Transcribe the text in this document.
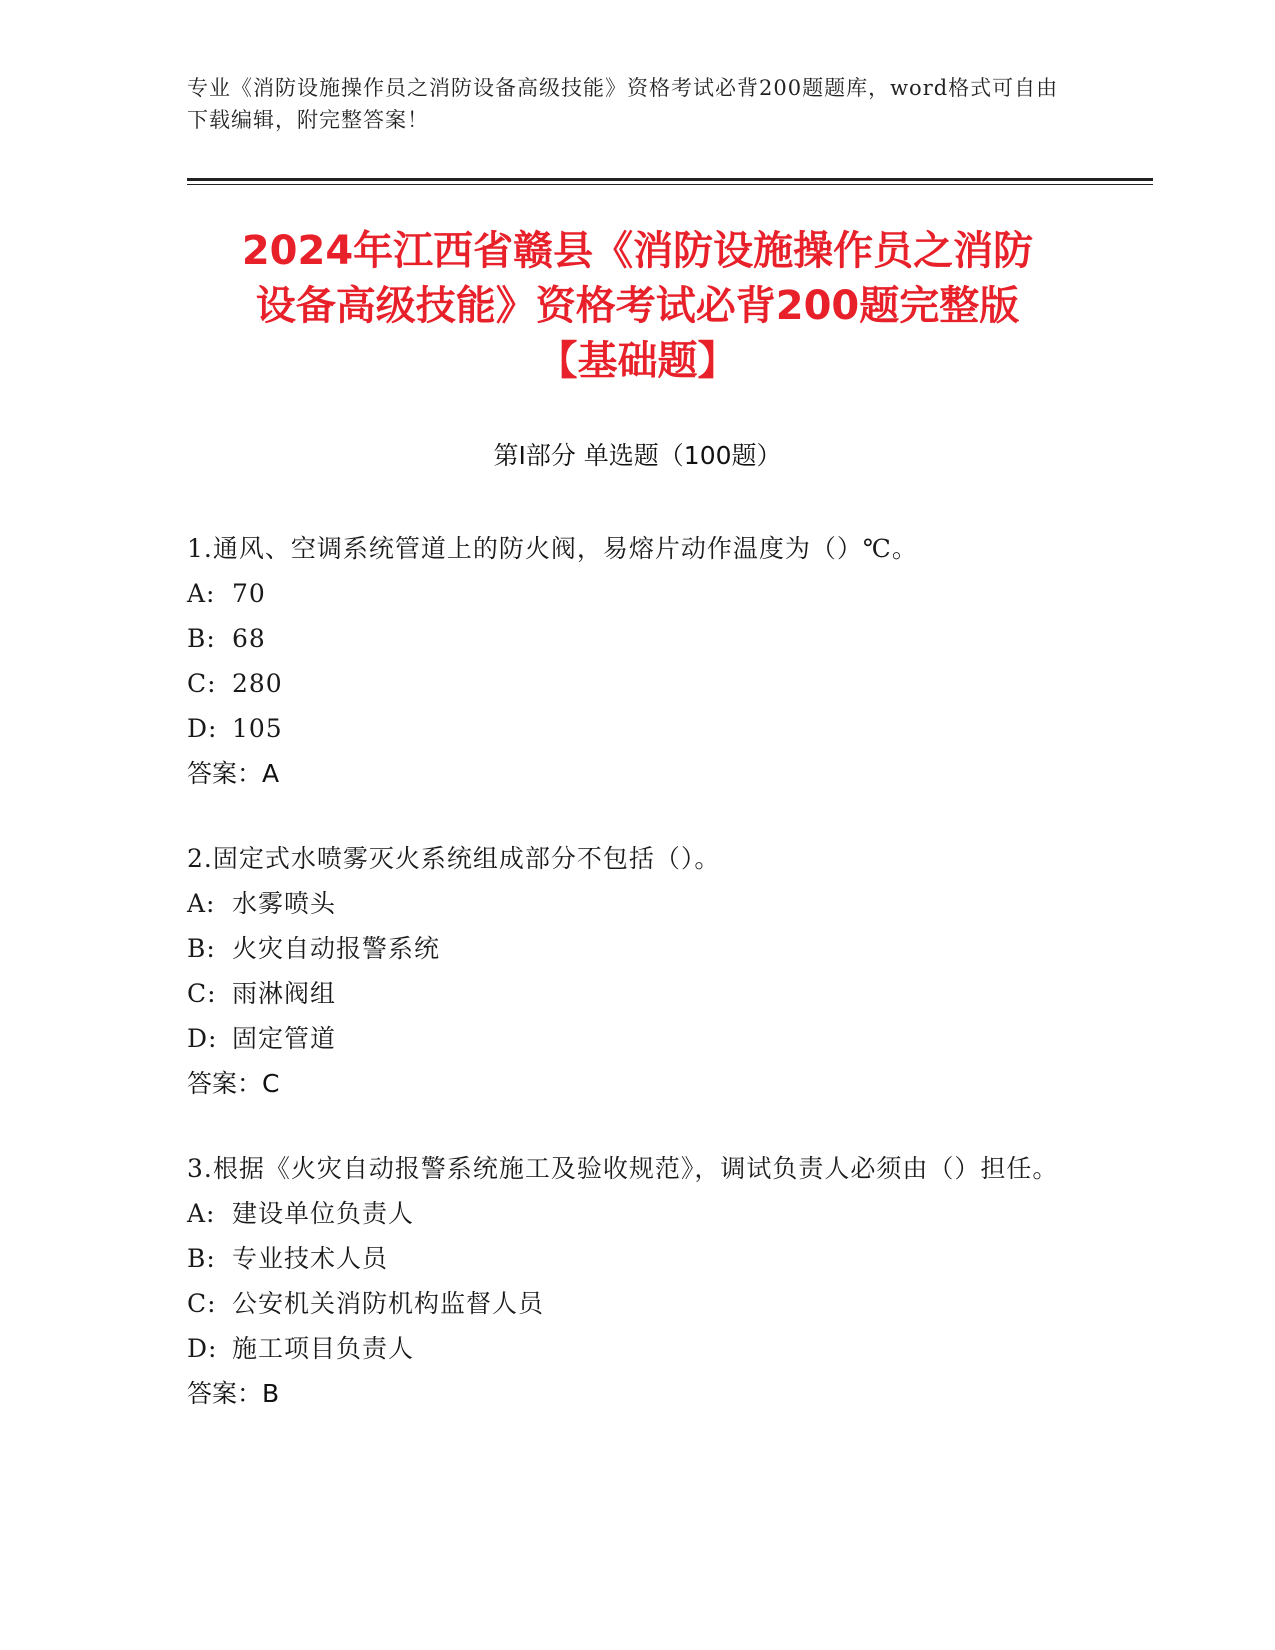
专业《消防设施操作员之消防设备高级技能》资格考试必背200题题库，word格式可自由下载编辑，附完整答案！
2024年江西省赣县《消防设施操作员之消防
设备高级技能》资格考试必背200题完整版
【基础题】
第Ⅰ部分 单选题（100题）
1.通风、空调系统管道上的防火阀，易熔片动作温度为（）℃。
A: 70
B: 68
C: 280
D: 105
答案：A
2.固定式水喷雾灭火系统组成部分不包括（）。
A: 水雾喷头
B: 火灾自动报警系统
C: 雨淋阀组
D: 固定管道
答案：C
3.根据《火灾自动报警系统施工及验收规范》，调试负责人必须由（）担任。
A: 建设单位负责人
B: 专业技术人员
C: 公安机关消防机构监督人员
D: 施工项目负责人
答案：B
